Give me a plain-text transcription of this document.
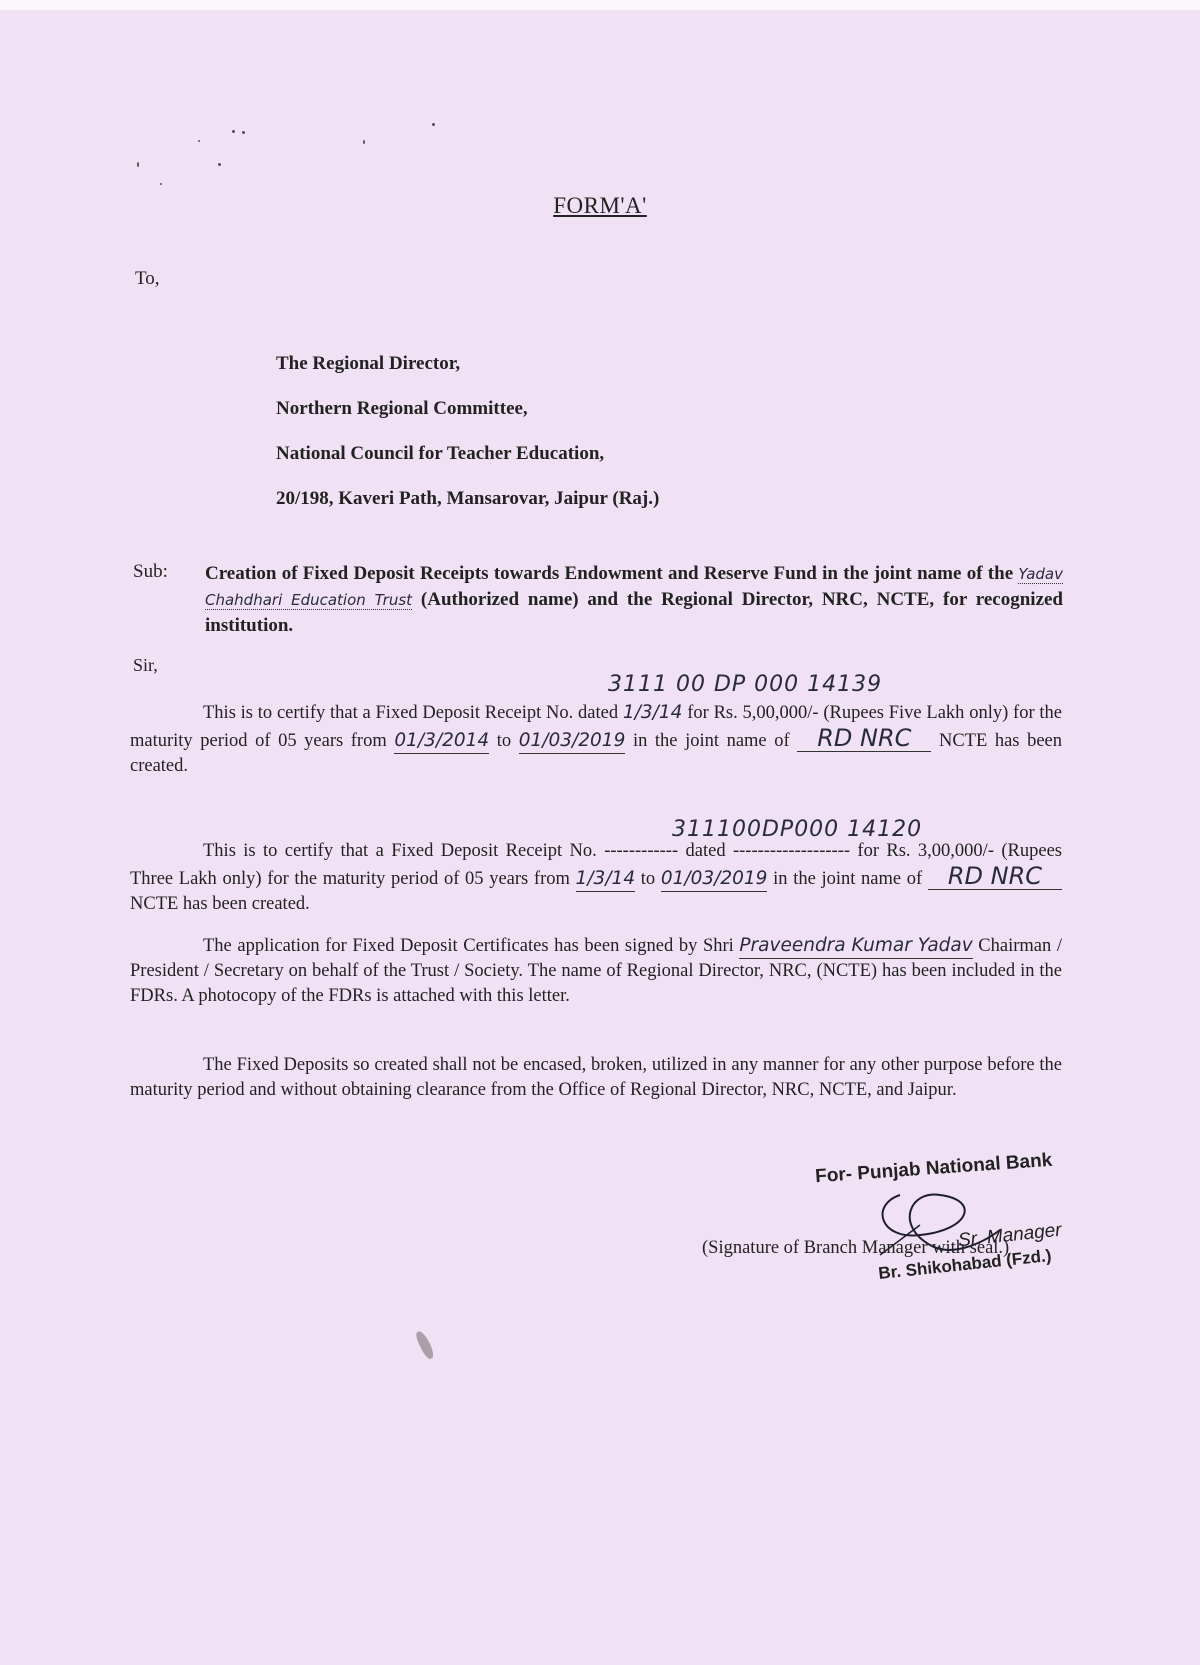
FORM'A'
To,
The Regional Director,
Northern Regional Committee,
National Council for Teacher Education,
20/198, Kaveri Path, Mansarovar, Jaipur (Raj.)
Sub: Creation of Fixed Deposit Receipts towards Endowment and Reserve Fund in the joint name of the Yadav Chahdhari Education Trust (Authorized name) and the Regional Director, NRC, NCTE, for recognized institution.
Sir,
3111 00 DP 000 14139
This is to certify that a Fixed Deposit Receipt No. dated 1/3/14 for Rs. 5,00,000/- (Rupees Five Lakh only) for the maturity period of 05 years from 01/3/2014 to 01/03/2019 in the joint name of RD NRC NCTE has been created.
311100DP000 14120
This is to certify that a Fixed Deposit Receipt No. ------------ dated ------------------- for Rs. 3,00,000/- (Rupees Three Lakh only) for the maturity period of 05 years from 1/3/14 to 01/03/2019 in the joint name of RD NRC NCTE has been created.
The application for Fixed Deposit Certificates has been signed by Shri Praveendra Kumar Yadav Chairman / President / Secretary on behalf of the Trust / Society. The name of Regional Director, NRC, (NCTE) has been included in the FDRs. A photocopy of the FDRs is attached with this letter.
The Fixed Deposits so created shall not be encased, broken, utilized in any manner for any other purpose before the maturity period and without obtaining clearance from the Office of Regional Director, NRC, NCTE, and Jaipur.
For- Punjab National Bank
(Signature of Branch Manager with seal.)
Sr. Manager
Br. Shikohabad (Fzd.)
